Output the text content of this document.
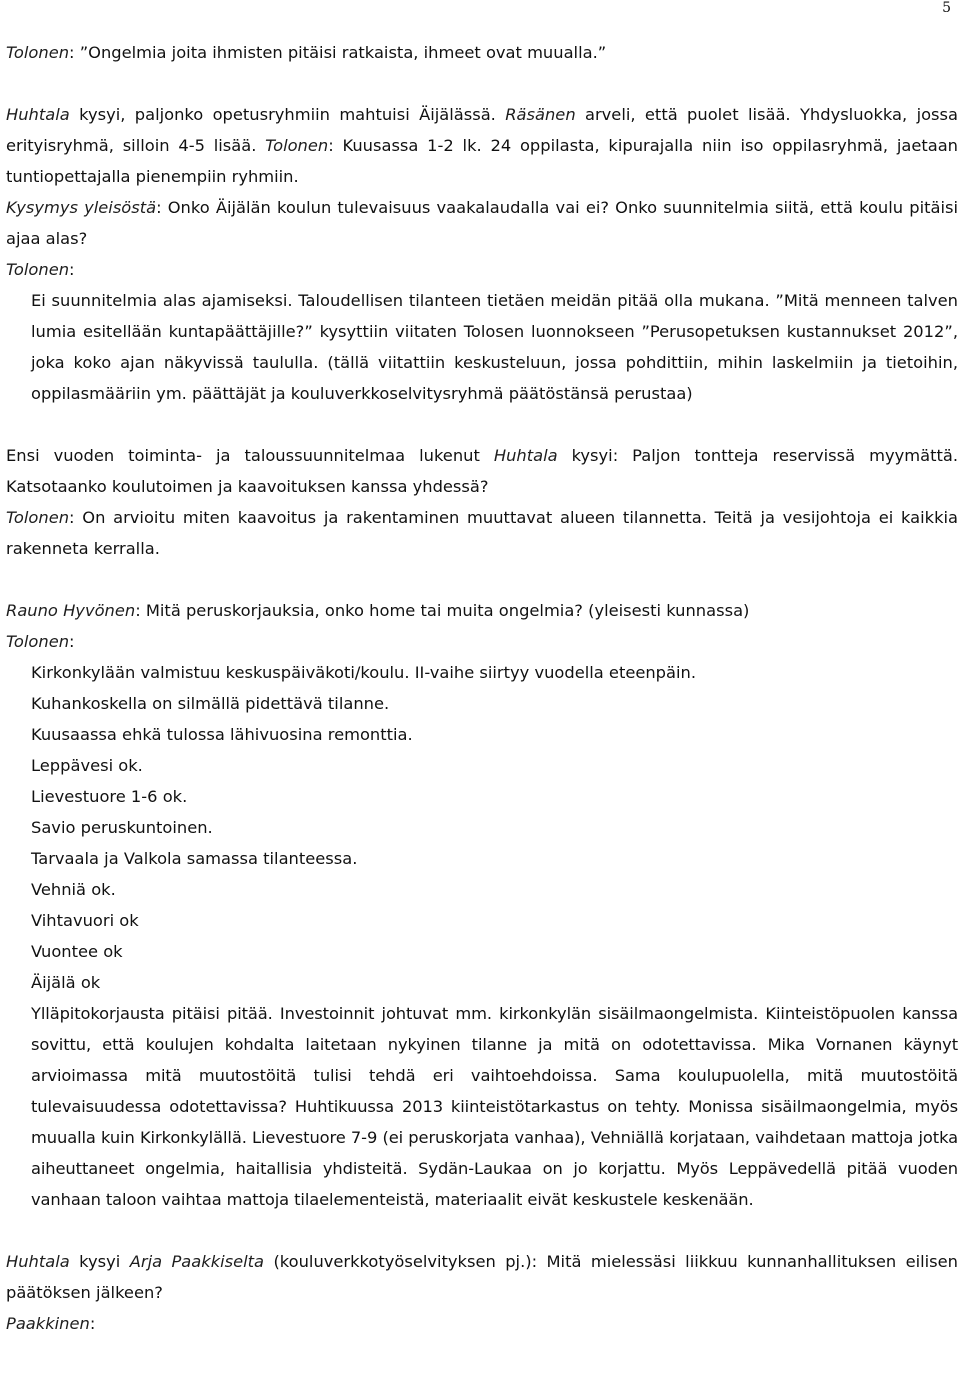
5

Tolonen: ”Ongelmia joita ihmisten pitäisi ratkaista, ihmeet ovat muualla.”

Huhtala kysyi, paljonko opetusryhmiin mahtuisi Äijälässä. Räsänen arveli, että puolet lisää. Yhdysluokka, jossa erityisryhmä, silloin 4-5 lisää. Tolonen: Kuusassa 1-2 lk. 24 oppilasta, kipurajalla niin iso oppilasryhmä, jaetaan tuntiopettajalla pienempiin ryhmiin.

Kysymys yleisöstä: Onko Äijälän koulun tulevaisuus vaakalaudalla vai ei? Onko suunnitelmia siitä, että koulu pitäisi ajaa alas?

Tolonen:

Ei suunnitelmia alas ajamiseksi. Taloudellisen tilanteen tietäen meidän pitää olla mukana. ”Mitä menneen talven lumia esitellään kuntapäättäjille?” kysyttiin viitaten Tolosen luonnokseen ”Perusopetuksen kustannukset 2012”, joka koko ajan näkyvissä taululla. (tällä viitattiin keskusteluun, jossa pohdittiin, mihin laskelmiin ja tietoihin, oppilasmääriin ym. päättäjät ja kouluverkkoselvitysryhmä päätöstänsä perustaa)

Ensi vuoden toiminta- ja taloussuunnitelmaa lukenut Huhtala kysyi: Paljon tontteja reservissä myymättä. Katsotaanko koulutoimen ja kaavoituksen kanssa yhdessä?

Tolonen: On arvioitu miten kaavoitus ja rakentaminen muuttavat alueen tilannetta. Teitä ja vesijohtoja ei kaikkia rakenneta kerralla.

Rauno Hyvönen: Mitä peruskorjauksia, onko home tai muita ongelmia? (yleisesti kunnassa)

Tolonen:

Kirkonkylään valmistuu keskuspäiväkoti/koulu. II-vaihe siirtyy vuodella eteenpäin.

Kuhankoskella on silmällä pidettävä tilanne.

Kuusaassa ehkä tulossa lähivuosina remonttia.

Leppävesi ok.

Lievestuore 1-6 ok.

Savio peruskuntoinen.

Tarvaala ja Valkola samassa tilanteessa.

Vehniä ok.

Vihtavuori ok

Vuontee ok

Äijälä ok

Ylläpitokorjausta pitäisi pitää. Investoinnit johtuvat mm. kirkonkylän sisäilmaongelmista. Kiinteistöpuolen kanssa sovittu, että koulujen kohdalta laitetaan nykyinen tilanne ja mitä on odotettavissa. Mika Vornanen käynyt arvioimassa mitä muutostöitä tulisi tehdä eri vaihtoehdoissa. Sama koulupuolella, mitä muutostöitä tulevaisuudessa odotettavissa? Huhtikuussa 2013 kiinteistötarkastus on tehty. Monissa sisäilmaongelmia, myös muualla kuin Kirkonkylällä. Lievestuore 7-9 (ei peruskorjata vanhaa), Vehniällä korjataan, vaihdetaan mattoja jotka aiheuttaneet ongelmia, haitallisia yhdisteitä. Sydän-Laukaa on jo korjattu. Myös Leppävedellä pitää vuoden vanhaan taloon vaihtaa mattoja tilaelementeistä, materiaalit eivät keskustele keskenään.

Huhtala kysyi Arja Paakkiselta (kouluverkkotyöselvityksen pj.): Mitä mielessäsi liikkuu kunnanhallituksen eilisen päätöksen jälkeen?

Paakkinen:
